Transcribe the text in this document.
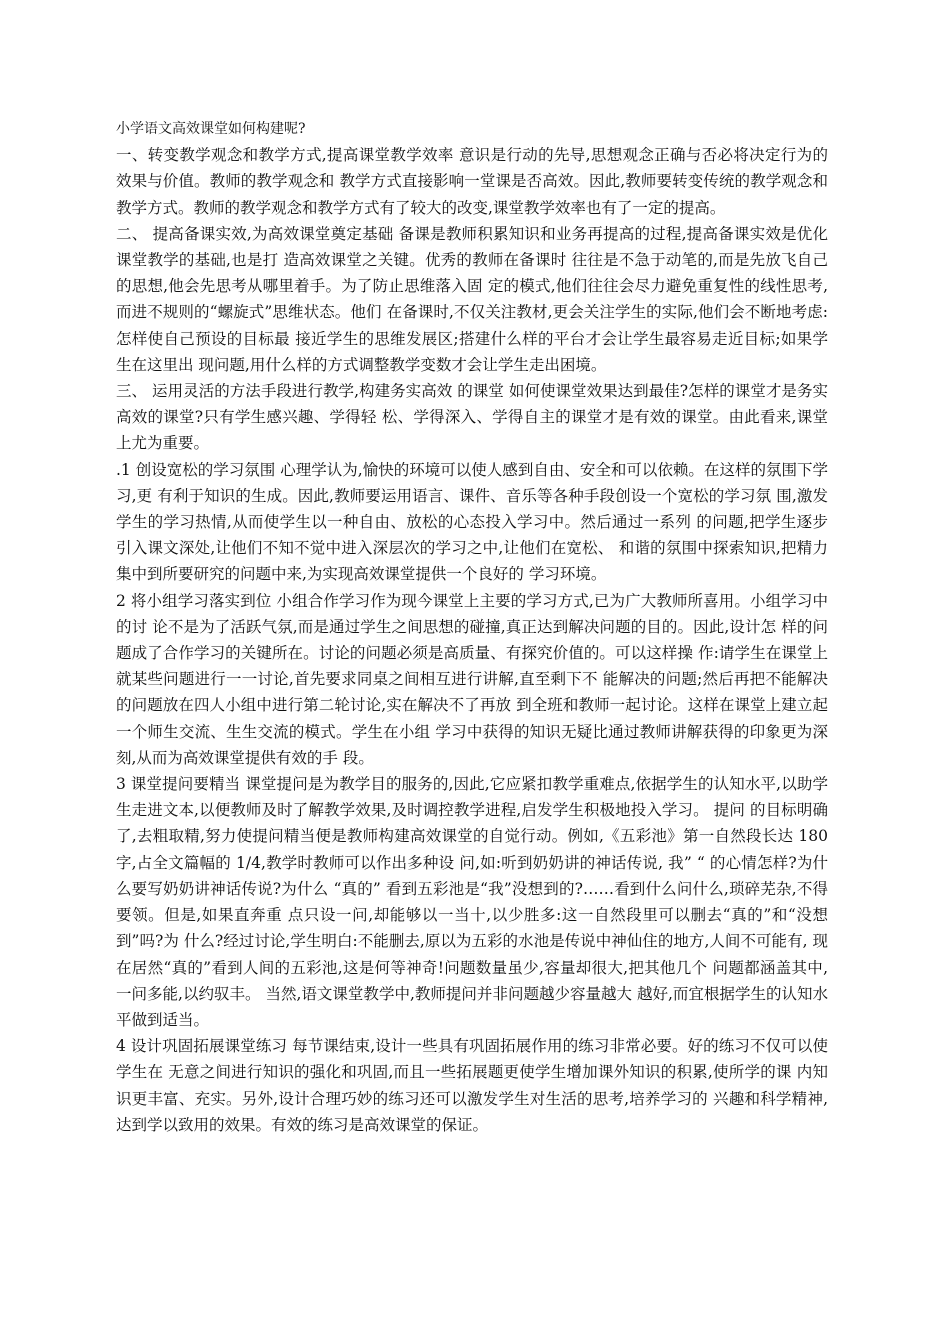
小学语文高效课堂如何构建呢?

一、转变教学观念和教学方式,提高课堂教学效率 意识是行动的先导,思想观念正确与否必将决定行为的效果与价值。教师的教学观念和 教学方式直接影响一堂课是否高效。因此,教师要转变传统的教学观念和教学方式。教师的教学观念和教学方式有了较大的改变,课堂教学效率也有了一定的提高。

二、 提高备课实效,为高效课堂奠定基础 备课是教师积累知识和业务再提高的过程,提高备课实效是优化课堂教学的基础,也是打 造高效课堂之关键。优秀的教师在备课时 往往是不急于动笔的,而是先放飞自己的思想,他会先思考从哪里着手。为了防止思维落入固 定的模式,他们往往会尽力避免重复性的线性思考,而进不规则的“螺旋式”思维状态。他们 在备课时,不仅关注教材,更会关注学生的实际,他们会不断地考虑:怎样使自己预设的目标最 接近学生的思维发展区;搭建什么样的平台才会让学生最容易走近目标;如果学生在这里出 现问题,用什么样的方式调整教学变数才会让学生走出困境。

三、 运用灵活的方法手段进行教学,构建务实高效 的课堂 如何使课堂效果达到最佳?怎样的课堂才是务实高效的课堂?只有学生感兴趣、学得轻 松、学得深入、学得自主的课堂才是有效的课堂。由此看来,课堂上尤为重要。

.1 创设宽松的学习氛围 心理学认为,愉快的环境可以使人感到自由、安全和可以依赖。在这样的氛围下学习,更 有利于知识的生成。因此,教师要运用语言、课件、音乐等各种手段创设一个宽松的学习氛 围,激发学生的学习热情,从而使学生以一种自由、放松的心态投入学习中。然后通过一系列 的问题,把学生逐步引入课文深处,让他们不知不觉中进入深层次的学习之中,让他们在宽松、 和谐的氛围中探索知识,把精力集中到所要研究的问题中来,为实现高效课堂提供一个良好的 学习环境。

2 将小组学习落实到位 小组合作学习作为现今课堂上主要的学习方式,已为广大教师所喜用。小组学习中的讨 论不是为了活跃气氛,而是通过学生之间思想的碰撞,真正达到解决问题的目的。因此,设计怎 样的问题成了合作学习的关键所在。讨论的问题必须是高质量、有探究价值的。可以这样操 作:请学生在课堂上就某些问题进行一一讨论,首先要求同桌之间相互进行讲解,直至剩下不 能解决的问题;然后再把不能解决的问题放在四人小组中进行第二轮讨论,实在解决不了再放 到全班和教师一起讨论。这样在课堂上建立起一个师生交流、生生交流的模式。学生在小组 学习中获得的知识无疑比通过教师讲解获得的印象更为深刻,从而为高效课堂提供有效的手 段。

3 课堂提问要精当 课堂提问是为教学目的服务的,因此,它应紧扣教学重难点,依据学生的认知水平,以助学 生走进文本,以便教师及时了解教学效果,及时调控教学进程,启发学生积极地投入学习。 提问 的目标明确了,去粗取精,努力使提问精当便是教师构建高效课堂的自觉行动。例如,《五彩池》第一自然段长达 180 字,占全文篇幅的 1/4,教学时教师可以作出多种设 问,如:听到奶奶讲的神话传说, 我” “ 的心情怎样?为什么要写奶奶讲神话传说?为什么 “真的” 看到五彩池是“我”没想到的?……看到什么问什么,琐碎芜杂,不得要领。但是,如果直奔重 点只设一问,却能够以一当十,以少胜多:这一自然段里可以删去“真的”和“没想到”吗?为 什么?经过讨论,学生明白:不能删去,原以为五彩的水池是传说中神仙住的地方,人间不可能有, 现在居然“真的”看到人间的五彩池,这是何等神奇!问题数量虽少,容量却很大,把其他几个 问题都涵盖其中,一问多能,以约驭丰。 当然,语文课堂教学中,教师提问并非问题越少容量越大 越好,而宜根据学生的认知水平做到适当。

4 设计巩固拓展课堂练习 每节课结束,设计一些具有巩固拓展作用的练习非常必要。好的练习不仅可以使学生在 无意之间进行知识的强化和巩固,而且一些拓展题更使学生增加课外知识的积累,使所学的课 内知识更丰富、充实。另外,设计合理巧妙的练习还可以激发学生对生活的思考,培养学习的 兴趣和科学精神,达到学以致用的效果。有效的练习是高效课堂的保证。
